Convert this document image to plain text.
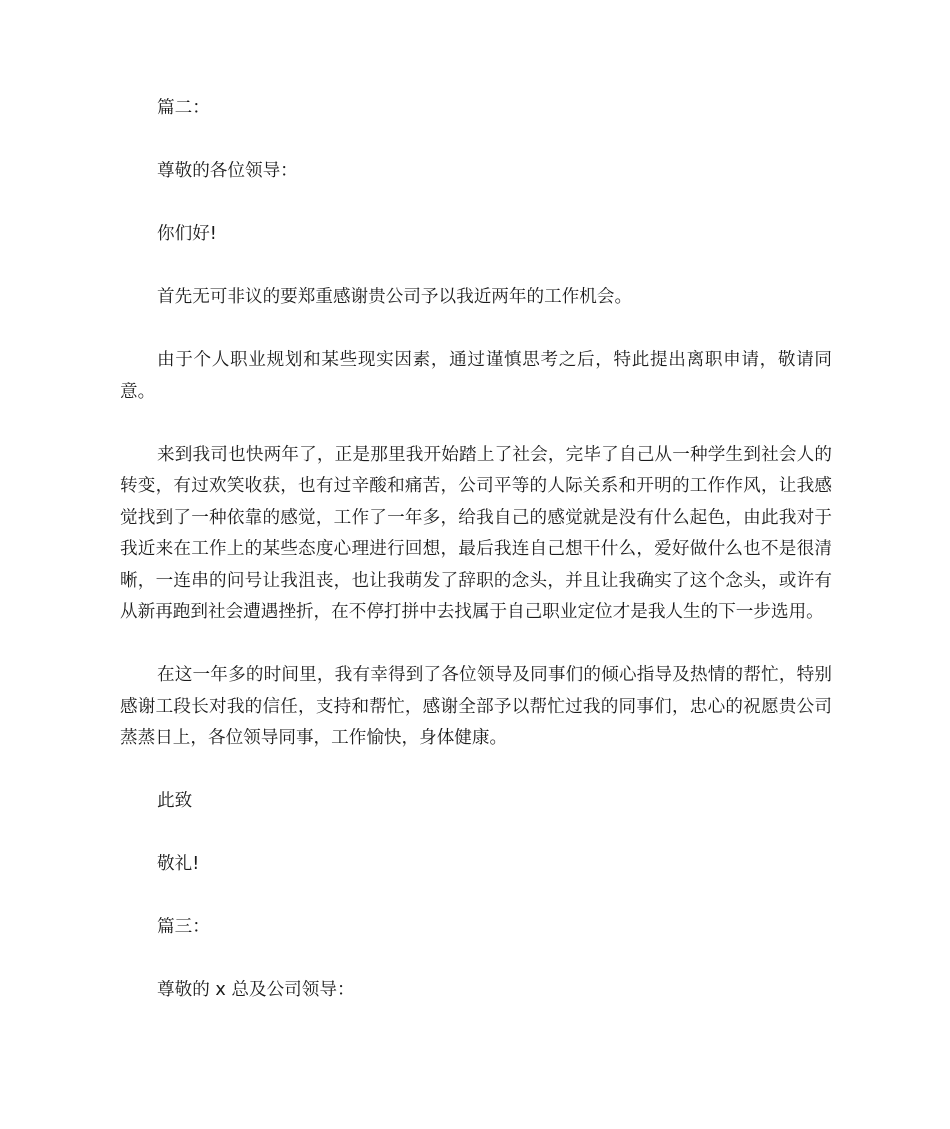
篇二：

尊敬的各位领导：

你们好!

首先无可非议的要郑重感谢贵公司予以我近两年的工作机会。

由于个人职业规划和某些现实因素，通过谨慎思考之后，特此提出离职申请，敬请同意。

来到我司也快两年了，正是那里我开始踏上了社会，完毕了自己从一种学生到社会人的转变，有过欢笑收获，也有过辛酸和痛苦，公司平等的人际关系和开明的工作作风，让我感觉找到了一种依靠的感觉，工作了一年多，给我自己的感觉就是没有什么起色，由此我对于我近来在工作上的某些态度心理进行回想，最后我连自己想干什么，爱好做什么也不是很清晰，一连串的问号让我沮丧，也让我萌发了辞职的念头，并且让我确实了这个念头，或许有从新再跑到社会遭遇挫折，在不停打拼中去找属于自己职业定位才是我人生的下一步选用。

在这一年多的时间里，我有幸得到了各位领导及同事们的倾心指导及热情的帮忙，特别感谢工段长对我的信任，支持和帮忙，感谢全部予以帮忙过我的同事们，忠心的祝愿贵公司蒸蒸日上，各位领导同事，工作愉快，身体健康。

此致

敬礼!

篇三：

尊敬的 x 总及公司领导：
